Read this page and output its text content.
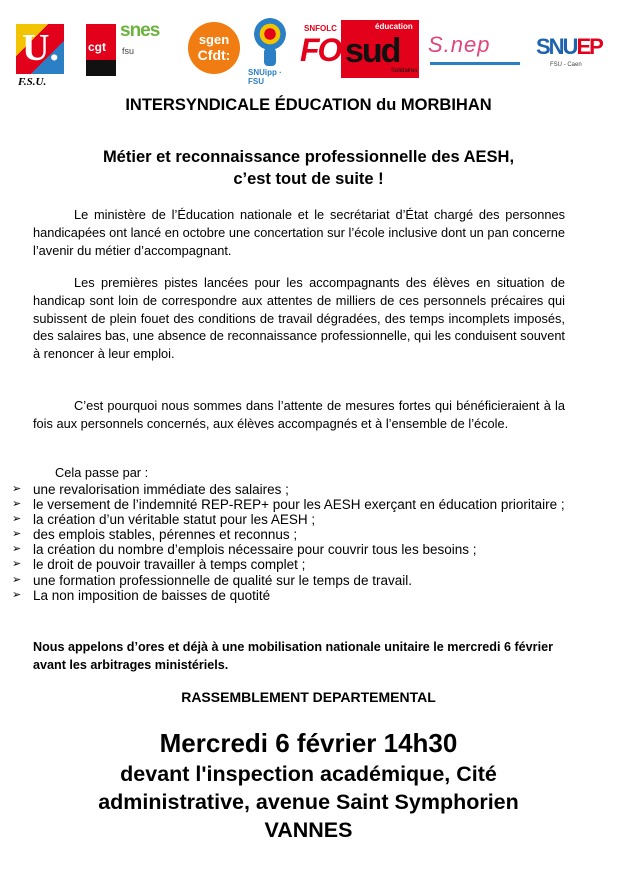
U.
F.S.U.
cgt
snes
fsu
sgen
Cfdt:
SNUipp · FSU
SNFOLC
FO
éducation
sud
Solidaires
S.nep SNUEP
FSU - Caen
INTERSYNDICALE ÉDUCATION du MORBIHAN
Métier et reconnaissance professionnelle des AESH,
c’est tout de suite !

Le ministère de l’Éducation nationale et le secrétariat d’État chargé des personnes handicapées ont lancé en octobre une concertation sur l’école inclusive dont un pan concerne l’avenir du métier d’accompagnant.

Les premières pistes lancées pour les accompagnants des élèves en situation de handicap sont loin de correspondre aux attentes de milliers de ces personnels précaires qui subissent de plein fouet des conditions de travail dégradées, des temps incomplets imposés, des salaires bas, une absence de reconnaissance professionnelle, qui les conduisent souvent à renoncer à leur emploi.

C’est pourquoi nous sommes dans l’attente de mesures fortes qui bénéficieraient à la fois aux personnels concernés, aux élèves accompagnés et à l’ensemble de l’école.

Cela passe par :
➢ une revalorisation immédiate des salaires ;
➢ le versement de l’indemnité REP-REP+ pour les AESH exerçant en éducation prioritaire ;
➢ la création d’un véritable statut pour les AESH ;
➢ des emplois stables, pérennes et reconnus ;
➢ la création du nombre d’emplois nécessaire pour couvrir tous les besoins ;
➢ le droit de pouvoir travailler à temps complet ;
➢ une formation professionnelle de qualité sur le temps de travail.
➢ La non imposition de baisses de quotité
Nous appelons d’ores et déjà à une mobilisation nationale unitaire le mercredi 6 février avant les arbitrages ministériels.
RASSEMBLEMENT DEPARTEMENTAL
Mercredi 6 février 14h30
devant l'inspection académique, Cité
administrative, avenue Saint Symphorien
VANNES
